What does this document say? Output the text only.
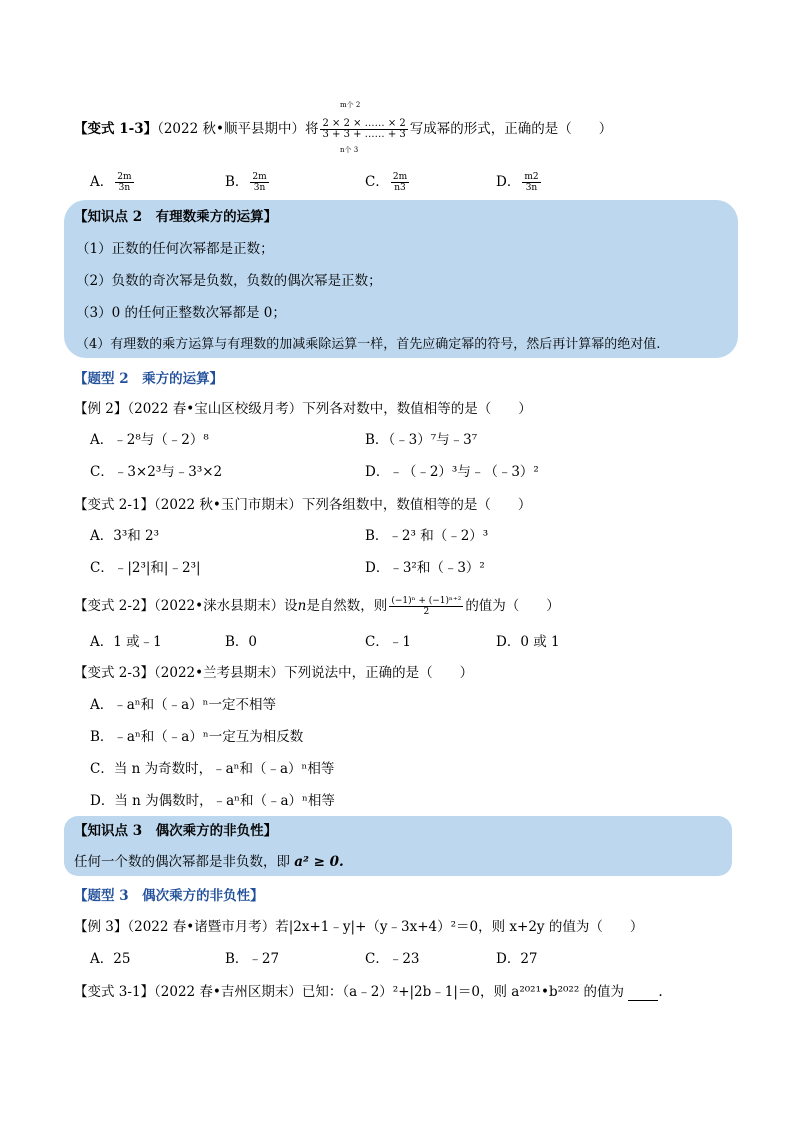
m个 2
【变式 1-3】（2022 秋•顺平县期中）将 $\frac{2 \times 2 \times \dots\dots \times 2}{3 + 3 + \dots\dots + 3}$ 写成幂的形式，正确的是（　　）
n个 3
A． $\frac{2m}{3n}$	B． $\frac{2m}{3n}$	C． $\frac{2m}{n3}$	D． $\frac{m2}{3n}$
【知识点 2　有理数乘方的运算】
（1）正数的任何次幂都是正数；
（2）负数的奇次幂是负数，负数的偶次幂是正数；
（3）0 的任何正整数次幂都是 0；
（4）有理数的乘方运算与有理数的加减乘除运算一样，首先应确定幂的符号，然后再计算幂的绝对值.
【题型 2　乘方的运算】
【例 2】（2022 春•宝山区校级月考）下列各对数中，数值相等的是（　　）
A．﹣2⁸与（﹣2）⁸	B．（﹣3）⁷与﹣3⁷
C．﹣3×2³与﹣3³×2	D．﹣（﹣2）³与﹣（﹣3）²
【变式 2-1】（2022 秋•玉门市期末）下列各组数中，数值相等的是（　　）
A．3³和 2³	B．﹣2³ 和（﹣2）³
C．﹣|2³|和|﹣2³|	D．﹣3²和（﹣3）²
【变式 2-2】（2022•涞水县期末）设n是自然数，则 $\frac{\text{(−1)ⁿ + (−1)ⁿ⁺²}}{2}$ 的值为（　　）
A．1 或﹣1	B．0	C．﹣1	D．0 或 1
【变式 2-3】（2022•兰考县期末）下列说法中，正确的是（　　）
A．﹣aⁿ和（﹣a）ⁿ一定不相等
B．﹣aⁿ和（﹣a）ⁿ一定互为相反数
C．当 n 为奇数时，﹣aⁿ和（﹣a）ⁿ相等
D．当 n 为偶数时，﹣aⁿ和（﹣a）ⁿ相等
【知识点 3　偶次乘方的非负性】
任何一个数的偶次幂都是非负数，即 a² ≥ 0.
【题型 3　偶次乘方的非负性】
【例 3】（2022 春•诸暨市月考）若|2x+1﹣y|+（y﹣3x+4）²＝0，则 x+2y 的值为（　　）
A．25	B．﹣27	C．﹣23	D．27
【变式 3-1】（2022 春•吉州区期末）已知：（a﹣2）²+|2b﹣1|＝0，则 a²⁰²¹•b²⁰²² 的值为	.
